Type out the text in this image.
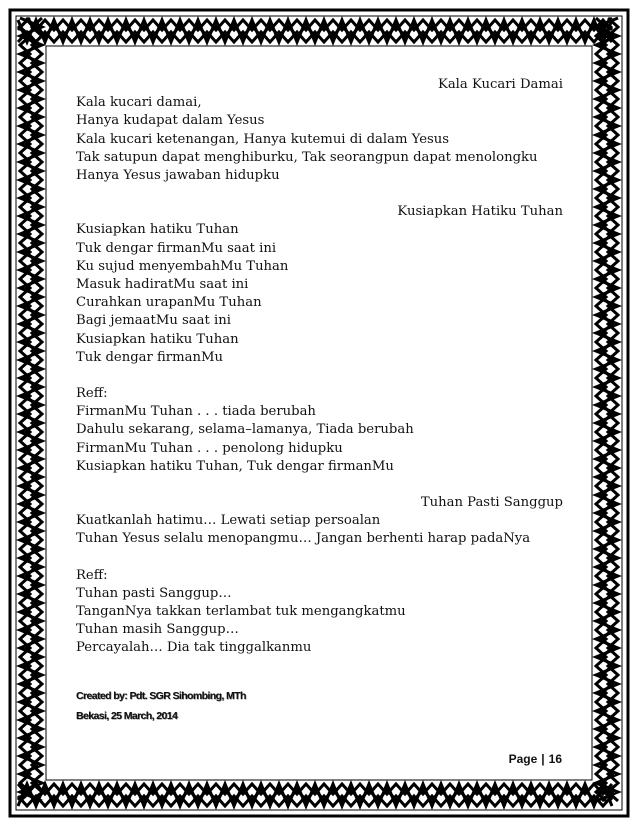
Kala Kucari Damai
Kala kucari damai,
Hanya kudapat dalam Yesus
Kala kucari ketenangan, Hanya kutemui di dalam Yesus
Tak satupun dapat menghiburku, Tak seorangpun dapat menolongku
Hanya Yesus jawaban hidupku
Kusiapkan Hatiku Tuhan
Kusiapkan hatiku Tuhan
Tuk dengar firmanMu saat ini
Ku sujud menyembahMu Tuhan
Masuk hadiratMu saat ini
Curahkan urapanMu Tuhan
Bagi jemaatMu saat ini
Kusiapkan hatiku Tuhan
Tuk dengar firmanMu
Reff:
FirmanMu Tuhan . . . tiada berubah
Dahulu sekarang, selama–lamanya, Tiada berubah
FirmanMu Tuhan . . . penolong hidupku
Kusiapkan hatiku Tuhan, Tuk dengar firmanMu
Tuhan Pasti Sanggup
Kuatkanlah hatimu… Lewati setiap persoalan
Tuhan Yesus selalu menopangmu… Jangan berhenti harap padaNya
Reff:
Tuhan pasti Sanggup…
TanganNya takkan terlambat tuk mengangkatmu
Tuhan masih Sanggup…
Percayalah… Dia tak tinggalkanmu
Created by: Pdt. SGR Sihombing, MTh
Bekasi, 25 March, 2014
Page | 16
